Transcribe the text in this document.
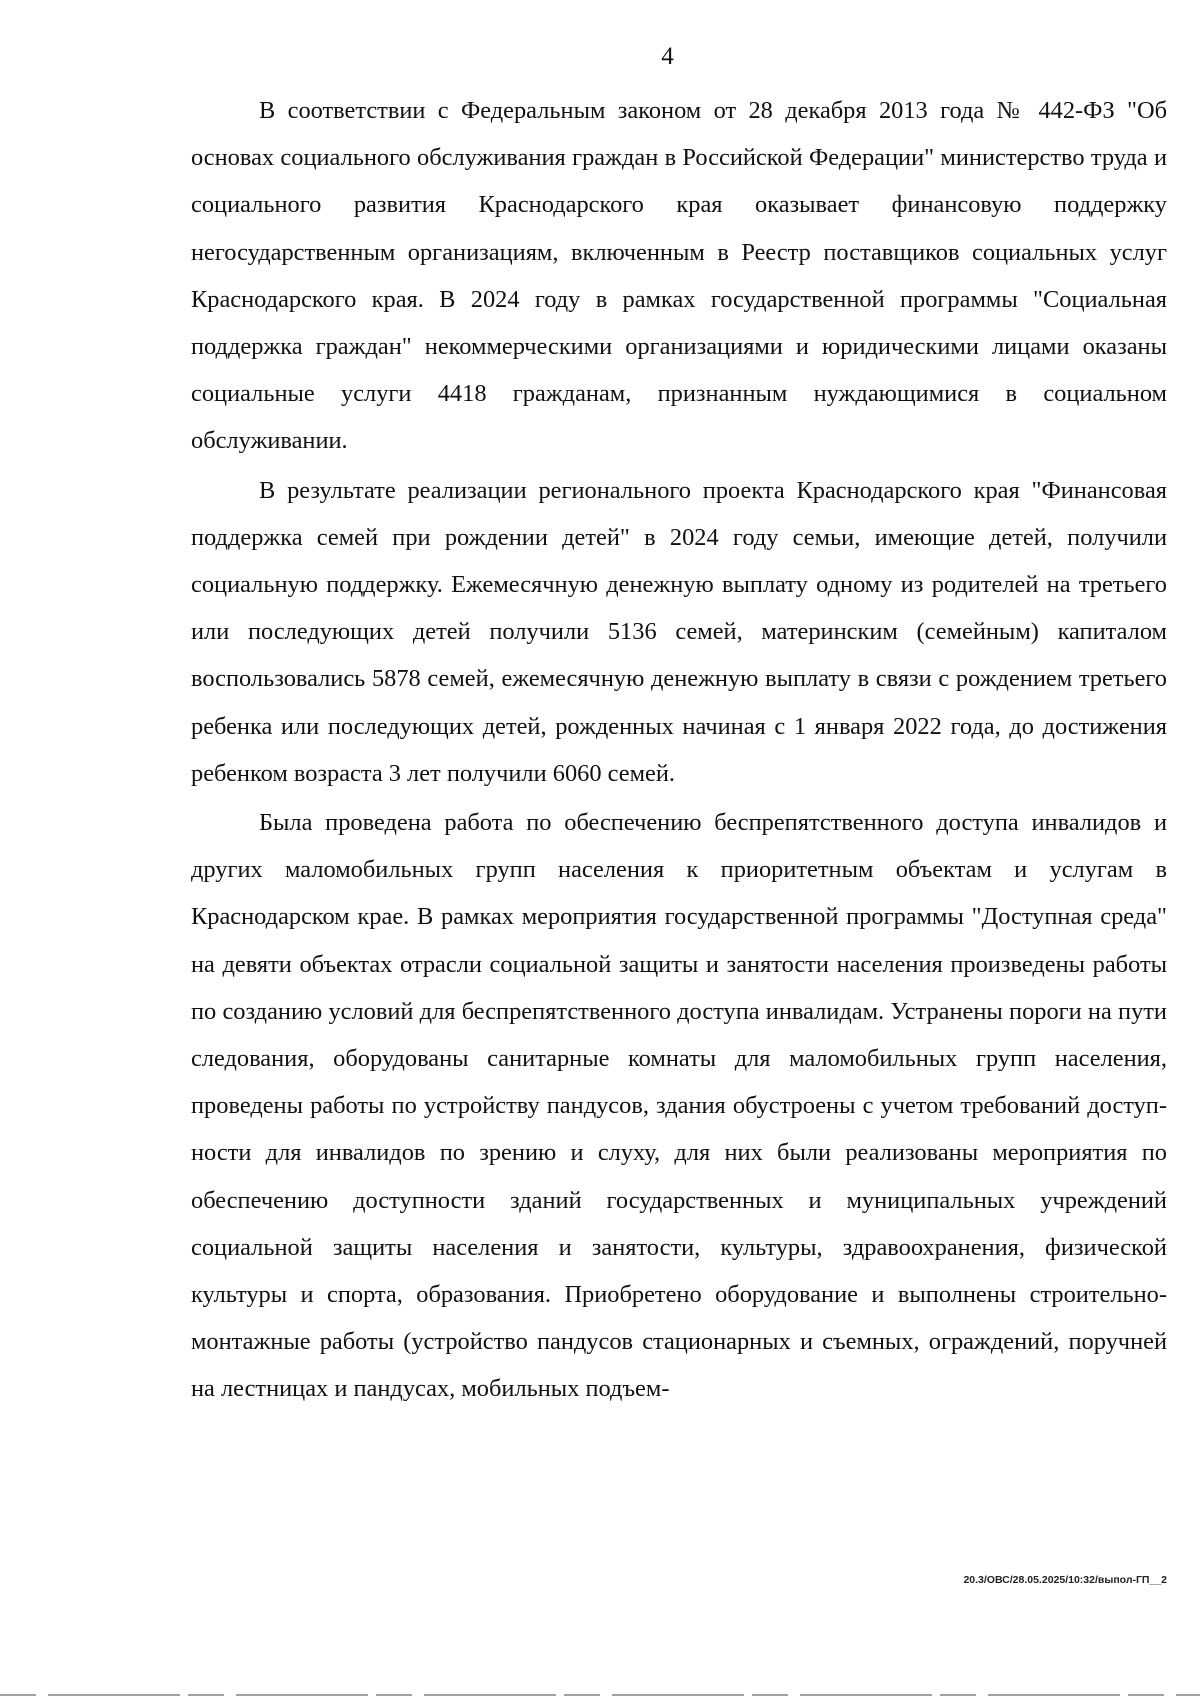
4

В соответствии с Федеральным законом от 28 декабря 2013 года № 442-ФЗ "Об основах социального обслуживания граждан в Российской Федерации" министерство труда и социального развития Краснодарского края оказывает финансовую поддержку негосударственным организациям, включенным в Реестр поставщиков социальных услуг Краснодарского края. В 2024 году в рамках государственной программы "Социальная поддержка граждан" некоммерческими организациями и юридическими лицами оказаны социальные услуги 4418 гражданам, признанным нуждающимися в социальном обслуживании.

В результате реализации регионального проекта Краснодарского края "Финансовая поддержка семей при рождении детей" в 2024 году семьи, имеющие детей, получили социальную поддержку. Ежемесячную денежную выплату одному из родителей на третьего или последующих детей получили 5136 семей, материнским (семейным) капиталом воспользовались 5878 семей, ежемесячную денежную выплату в связи с рождением третьего ребенка или последующих детей, рожденных начиная с 1 января 2022 года, до достижения ребенком возраста 3 лет получили 6060 семей.

Была проведена работа по обеспечению беспрепятственного доступа инвалидов и других маломобильных групп населения к приоритетным объектам и услугам в Краснодарском крае. В рамках мероприятия государственной программы "Доступная среда" на девяти объектах отрасли социальной защиты и занятости населения произведены работы по созданию условий для беспрепятственного доступа инвалидам. Устранены пороги на пути следования, оборудованы санитарные комнаты для маломобильных групп населения, проведены работы по устройству пандусов, здания обустроены с учетом требований доступности для инвалидов по зрению и слуху, для них были реализованы мероприятия по обеспечению доступности зданий государственных и муниципальных учреждений социальной защиты населения и занятости, культуры, здравоохранения, физической культуры и спорта, образования. Приобретено оборудование и выполнены строительно-монтажные работы (устройство пандусов стационарных и съемных, ограждений, поручней на лестницах и пандусах, мобильных подъем-

20.3/ОВС/28.05.2025/10:32/выпол-ГП__2
